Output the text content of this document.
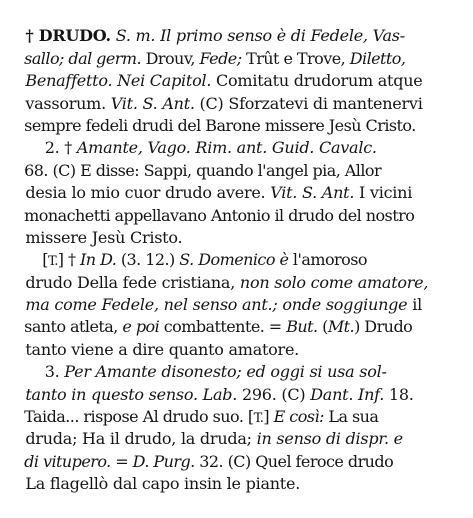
† DRUDO. S. m. Il primo senso è di Fedele, Vas-

sallo; dal germ. Drouv, Fede; Trût e Trove, Diletto,

Benaffetto. Nei Capitol. Comitatu drudorum atque

vassorum. Vit. S. Ant. (C) Sforzatevi di mantenervi

sempre fedeli drudi del Barone missere Jesù Cristo.

2. † Amante, Vago. Rim. ant. Guid. Cavalc.

68. (C) E disse: Sappi, quando l'angel pia, Allor

desia lo mio cuor drudo avere. Vit. S. Ant. I vicini

monachetti appellavano Antonio il drudo del nostro

missere Jesù Cristo.

[T.] † In D. (3. 12.) S. Domenico è l'amoroso

drudo Della fede cristiana, non solo come amatore,

ma come Fedele, nel senso ant.; onde soggiunge il

santo atleta, e poi combattente. = But. (Mt.) Drudo

tanto viene a dire quanto amatore.

3. Per Amante disonesto; ed oggi si usa sol-

tanto in questo senso. Lab. 296. (C) Dant. Inf. 18.

Taida... rispose Al drudo suo. [T.] E così: La sua

druda; Ha il drudo, la druda; in senso di dispr. e

di vitupero. = D. Purg. 32. (C) Quel feroce drudo

La flagellò dal capo insin le piante.
